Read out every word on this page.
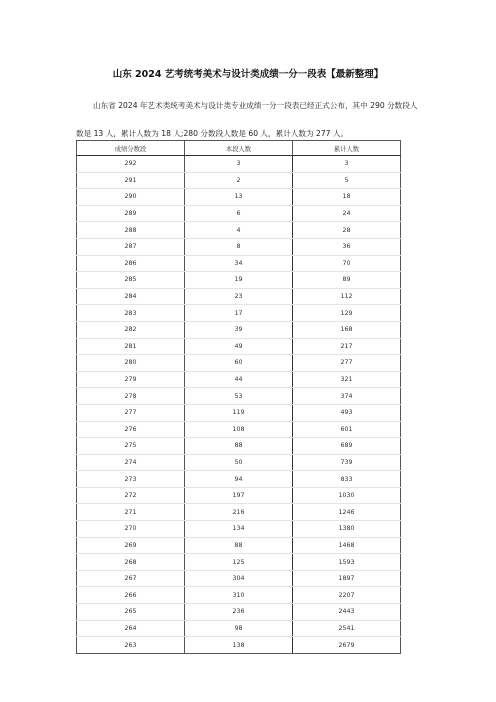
山东 2024 艺考统考美术与设计类成绩一分一段表【最新整理】

山东省 2024 年艺术类统考美术与设计类专业成绩一分一段表已经正式公布，其中 290 分数段人数是 13 人，累计人数为 18 人;280 分数段人数是 60 人，累计人数为 277 人。

成绩分数段	本段人数	累计人数
292	3	3
291	2	5
290	13	18
289	6	24
288	4	28
287	8	36
286	34	70
285	19	89
284	23	112
283	17	129
282	39	168
281	49	217
280	60	277
279	44	321
278	53	374
277	119	493
276	108	601
275	88	689
274	50	739
273	94	833
272	197	1030
271	216	1246
270	134	1380
269	88	1468
268	125	1593
267	304	1897
266	310	2207
265	236	2443
264	98	2541
263	138	2679
